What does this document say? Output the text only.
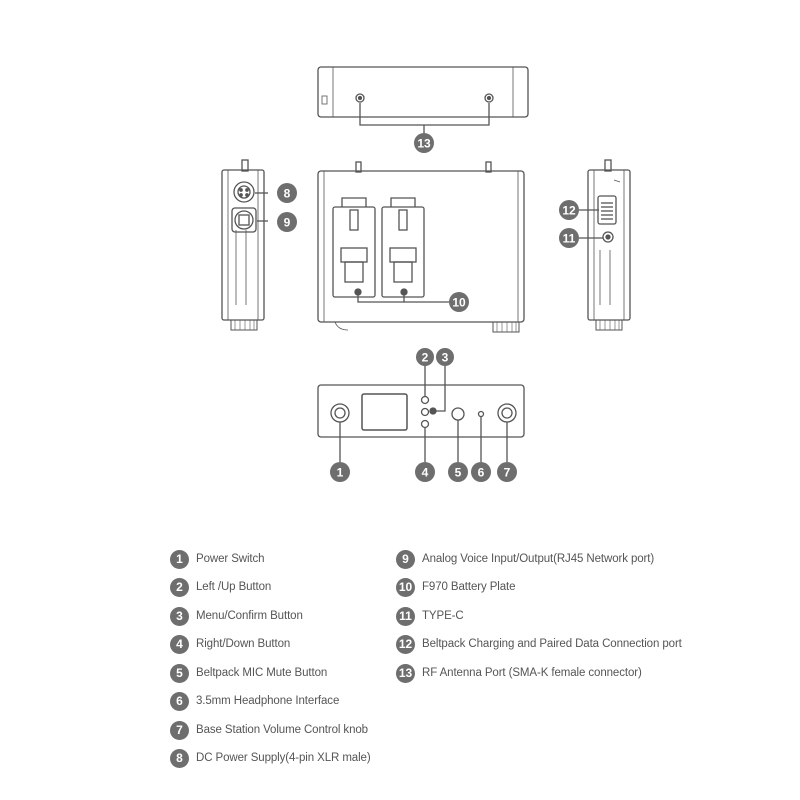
13
8
9
12
11
10
2 3
1	4 5 6 7
1	Power Switch
2	Left /Up Button
3	Menu/Confirm Button
4	Right/Down Button
5	Beltpack MIC Mute Button
6	3.5mm Headphone Interface
7	Base Station Volume Control knob
8	DC Power Supply(4-pin XLR male)
9	Analog Voice Input/Output(RJ45 Network port)
10 F970 Battery Plate
11 TYPE-C
12 Beltpack Charging and Paired Data Connection port
13 RF Antenna Port (SMA-K female connector)
